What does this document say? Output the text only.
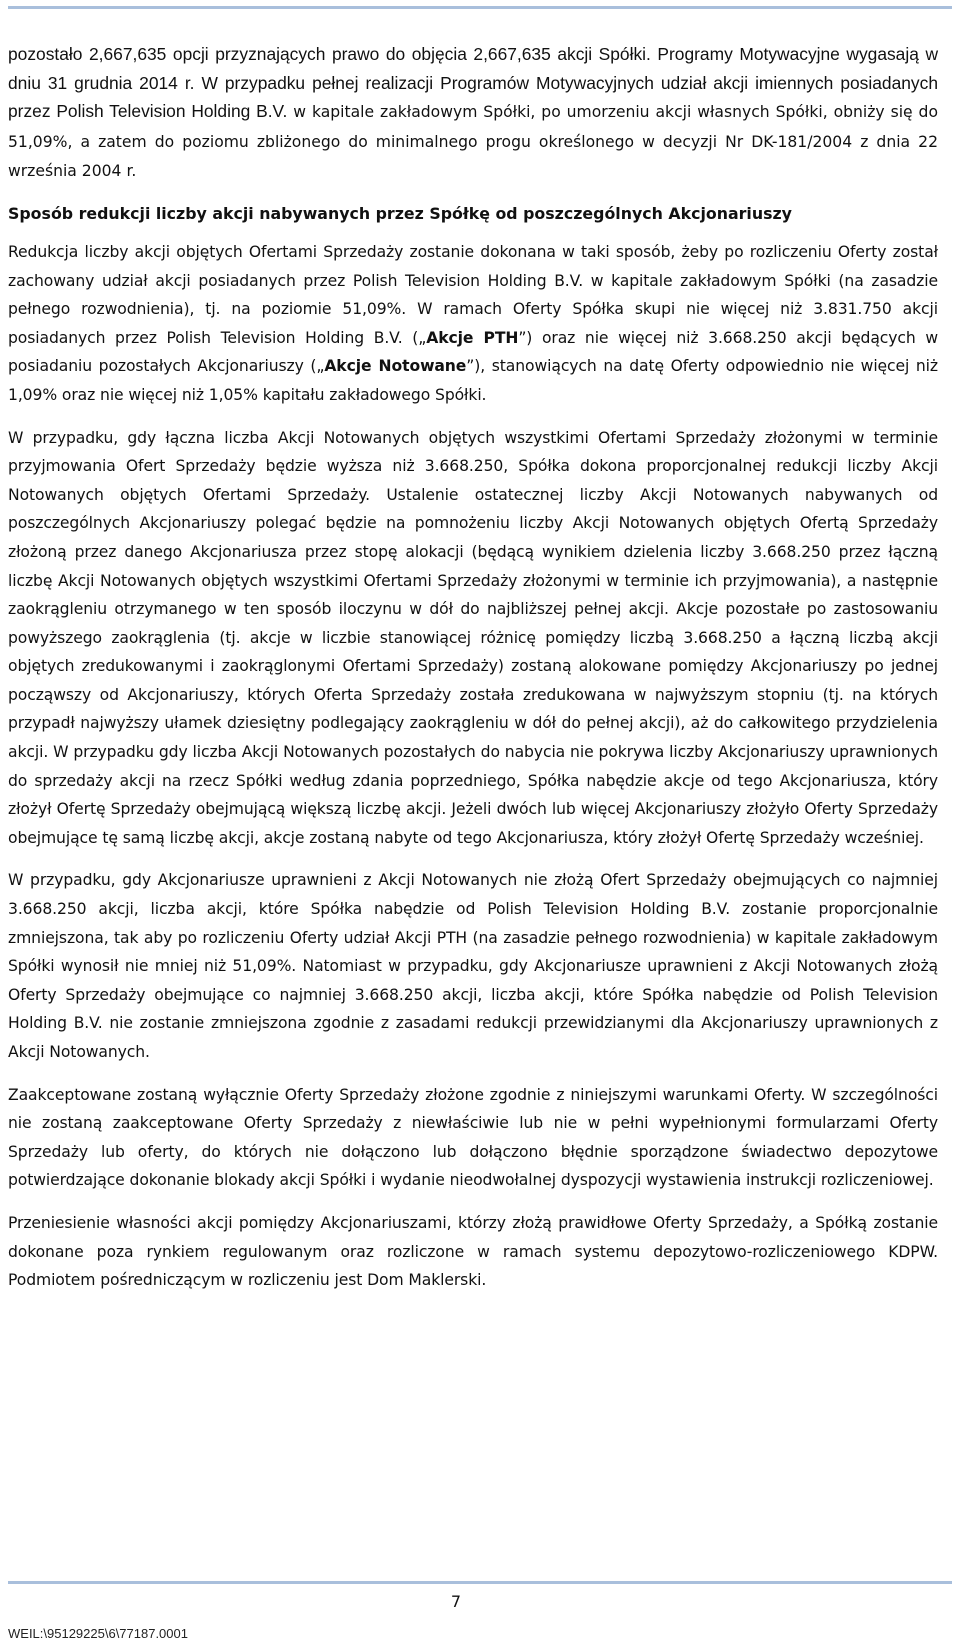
pozostało 2,667,635 opcji przyznających prawo do objęcia 2,667,635 akcji Spółki. Programy Motywacyjne wygasają w dniu 31 grudnia 2014 r. W przypadku pełnej realizacji Programów Motywacyjnych udział akcji imiennych posiadanych przez Polish Television Holding B.V. w kapitale zakładowym Spółki, po umorzeniu akcji własnych Spółki, obniży się do 51,09%, a zatem do poziomu zbliżonego do minimalnego progu określonego w decyzji Nr DK-181/2004 z dnia 22 września 2004 r.

Sposób redukcji liczby akcji nabywanych przez Spółkę od poszczególnych Akcjonariuszy

Redukcja liczby akcji objętych Ofertami Sprzedaży zostanie dokonana w taki sposób, żeby po rozliczeniu Oferty został zachowany udział akcji posiadanych przez Polish Television Holding B.V. w kapitale zakładowym Spółki (na zasadzie pełnego rozwodnienia), tj. na poziomie 51,09%. W ramach Oferty Spółka skupi nie więcej niż 3.831.750 akcji posiadanych przez Polish Television Holding B.V. („Akcje PTH”) oraz nie więcej niż 3.668.250 akcji będących w posiadaniu pozostałych Akcjonariuszy („Akcje Notowane”), stanowiących na datę Oferty odpowiednio nie więcej niż 1,09% oraz nie więcej niż 1,05% kapitału zakładowego Spółki.

W przypadku, gdy łączna liczba Akcji Notowanych objętych wszystkimi Ofertami Sprzedaży złożonymi w terminie przyjmowania Ofert Sprzedaży będzie wyższa niż 3.668.250, Spółka dokona proporcjonalnej redukcji liczby Akcji Notowanych objętych Ofertami Sprzedaży. Ustalenie ostatecznej liczby Akcji Notowanych nabywanych od poszczególnych Akcjonariuszy polegać będzie na pomnożeniu liczby Akcji Notowanych objętych Ofertą Sprzedaży złożoną przez danego Akcjonariusza przez stopę alokacji (będącą wynikiem dzielenia liczby 3.668.250 przez łączną liczbę Akcji Notowanych objętych wszystkimi Ofertami Sprzedaży złożonymi w terminie ich przyjmowania), a następnie zaokrągleniu otrzymanego w ten sposób iloczynu w dół do najbliższej pełnej akcji. Akcje pozostałe po zastosowaniu powyższego zaokrąglenia (tj. akcje w liczbie stanowiącej różnicę pomiędzy liczbą 3.668.250 a łączną liczbą akcji objętych zredukowanymi i zaokrąglonymi Ofertami Sprzedaży) zostaną alokowane pomiędzy Akcjonariuszy po jednej począwszy od Akcjonariuszy, których Oferta Sprzedaży została zredukowana w najwyższym stopniu (tj. na których przypadł najwyższy ułamek dziesiętny podlegający zaokrągleniu w dół do pełnej akcji), aż do całkowitego przydzielenia akcji. W przypadku gdy liczba Akcji Notowanych pozostałych do nabycia nie pokrywa liczby Akcjonariuszy uprawnionych do sprzedaży akcji na rzecz Spółki według zdania poprzedniego, Spółka nabędzie akcje od tego Akcjonariusza, który złożył Ofertę Sprzedaży obejmującą większą liczbę akcji. Jeżeli dwóch lub więcej Akcjonariuszy złożyło Oferty Sprzedaży obejmujące tę samą liczbę akcji, akcje zostaną nabyte od tego Akcjonariusza, który złożył Ofertę Sprzedaży wcześniej.

W przypadku, gdy Akcjonariusze uprawnieni z Akcji Notowanych nie złożą Ofert Sprzedaży obejmujących co najmniej 3.668.250 akcji, liczba akcji, które Spółka nabędzie od Polish Television Holding B.V. zostanie proporcjonalnie zmniejszona, tak aby po rozliczeniu Oferty udział Akcji PTH (na zasadzie pełnego rozwodnienia) w kapitale zakładowym Spółki wynosił nie mniej niż 51,09%. Natomiast w przypadku, gdy Akcjonariusze uprawnieni z Akcji Notowanych złożą Oferty Sprzedaży obejmujące co najmniej 3.668.250 akcji, liczba akcji, które Spółka nabędzie od Polish Television Holding B.V. nie zostanie zmniejszona zgodnie z zasadami redukcji przewidzianymi dla Akcjonariuszy uprawnionych z Akcji Notowanych.

Zaakceptowane zostaną wyłącznie Oferty Sprzedaży złożone zgodnie z niniejszymi warunkami Oferty. W szczególności nie zostaną zaakceptowane Oferty Sprzedaży z niewłaściwie lub nie w pełni wypełnionymi formularzami Oferty Sprzedaży lub oferty, do których nie dołączono lub dołączono błędnie sporządzone świadectwo depozytowe potwierdzające dokonanie blokady akcji Spółki i wydanie nieodwołalnej dyspozycji wystawienia instrukcji rozliczeniowej.

Przeniesienie własności akcji pomiędzy Akcjonariuszami, którzy złożą prawidłowe Oferty Sprzedaży, a Spółką zostanie dokonane poza rynkiem regulowanym oraz rozliczone w ramach systemu depozytowo-rozliczeniowego KDPW. Podmiotem pośredniczącym w rozliczeniu jest Dom Maklerski.

7
WEIL:\95129225\6\77187.0001
